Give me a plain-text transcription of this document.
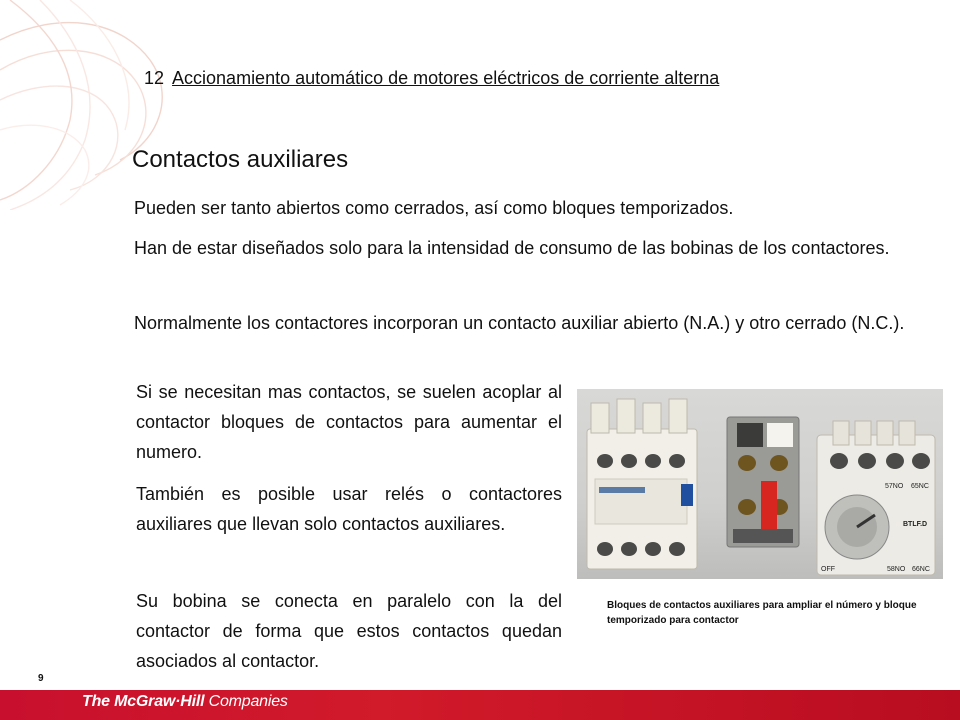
12 Accionamiento automático de motores eléctricos de corriente alterna
Contactos auxiliares
Pueden ser tanto abiertos como cerrados, así como bloques temporizados.
Han de estar diseñados solo para la intensidad de consumo de las bobinas de los contactores.
Normalmente los contactores incorporan un contacto auxiliar abierto (N.A.) y otro cerrado (N.C.).
Si se necesitan mas contactos, se suelen acoplar al contactor bloques de contactos para aumentar el numero.
También es posible usar relés o contactores auxiliares que llevan solo contactos auxiliares.
Su bobina se conecta en paralelo con la del contactor de forma que estos contactos quedan asociados al contactor.
57NO 65NC
BTLF.D
OFF	58NO 66NC
Bloques de contactos auxiliares para ampliar el número y bloque temporizado para contactor
9
The McGraw·Hill Companies
